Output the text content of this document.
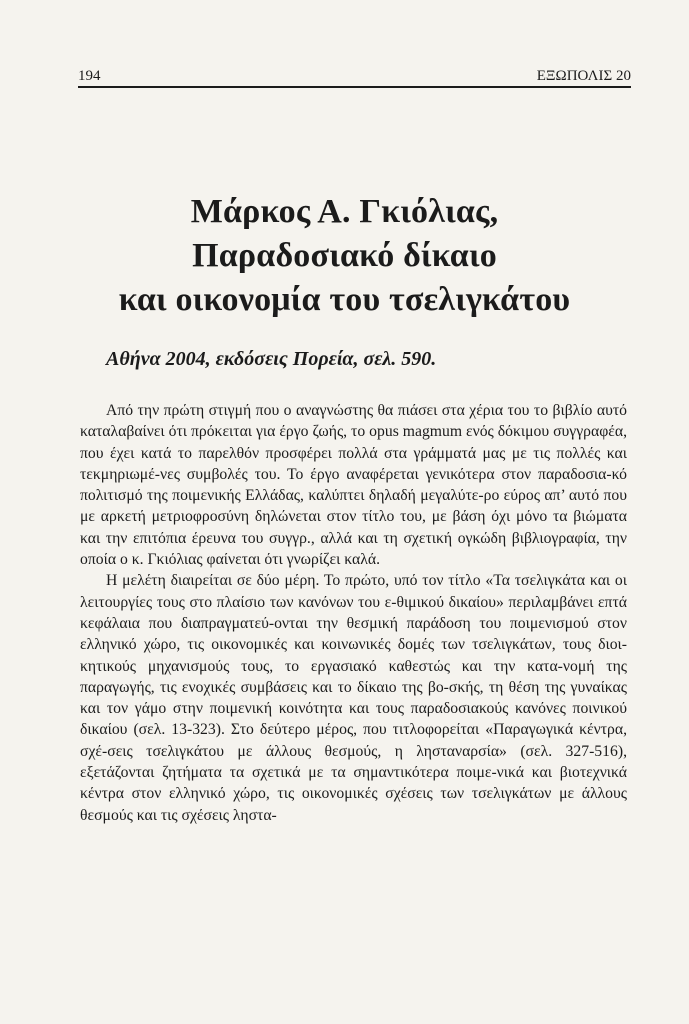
194	ΕΞΩΠΟΛΙΣ 20
Μάρκος Α. Γκιόλιας,
Παραδοσιακό δίκαιο
και οικονομία του τσελιγκάτου
Αθήνα 2004, εκδόσεις Πορεία, σελ. 590.

Από την πρώτη στιγμή που ο αναγνώστης θα πιάσει στα χέρια του το βιβλίο αυτό καταλαβαίνει ότι πρόκειται για έργο ζωής, το opus magmum ενός δόκιμου συγγραφέα, που έχει κατά το παρελθόν προσφέρει πολλά στα γράμματά μας με τις πολλές και τεκμηριωμέ-νες συμβολές του. Το έργο αναφέρεται γενικότερα στον παραδοσια-κό πολιτισμό της ποιμενικής Ελλάδας, καλύπτει δηλαδή μεγαλύτε-ρο εύρος απ’ αυτό που με αρκετή μετριοφροσύνη δηλώνεται στον τίτλο του, με βάση όχι μόνο τα βιώματα και την επιτόπια έρευνα του συγγρ., αλλά και τη σχετική ογκώδη βιβλιογραφία, την οποία ο κ. Γκιόλιας φαίνεται ότι γνωρίζει καλά.

Η μελέτη διαιρείται σε δύο μέρη. Το πρώτο, υπό τον τίτλο «Τα τσελιγκάτα και οι λειτουργίες τους στο πλαίσιο των κανόνων του ε-θιμικού δικαίου» περιλαμβάνει επτά κεφάλαια που διαπραγματεύ-ονται την θεσμική παράδοση του ποιμενισμού στον ελληνικό χώρο, τις οικονομικές και κοινωνικές δομές των τσελιγκάτων, τους διοι-κητικούς μηχανισμούς τους, το εργασιακό καθεστώς και την κατα-νομή της παραγωγής, τις ενοχικές συμβάσεις και το δίκαιο της βο-σκής, τη θέση της γυναίκας και τον γάμο στην ποιμενική κοινότητα και τους παραδοσιακούς κανόνες ποινικού δικαίου (σελ. 13-323). Στο δεύτερο μέρος, που τιτλοφορείται «Παραγωγικά κέντρα, σχέ-σεις τσελιγκάτου με άλλους θεσμούς, η λησταναρσία» (σελ. 327-516), εξετάζονται ζητήματα τα σχετικά με τα σημαντικότερα ποιμε-νικά και βιοτεχνικά κέντρα στον ελληνικό χώρο, τις οικονομικές σχέσεις των τσελιγκάτων με άλλους θεσμούς και τις σχέσεις ληστα-
